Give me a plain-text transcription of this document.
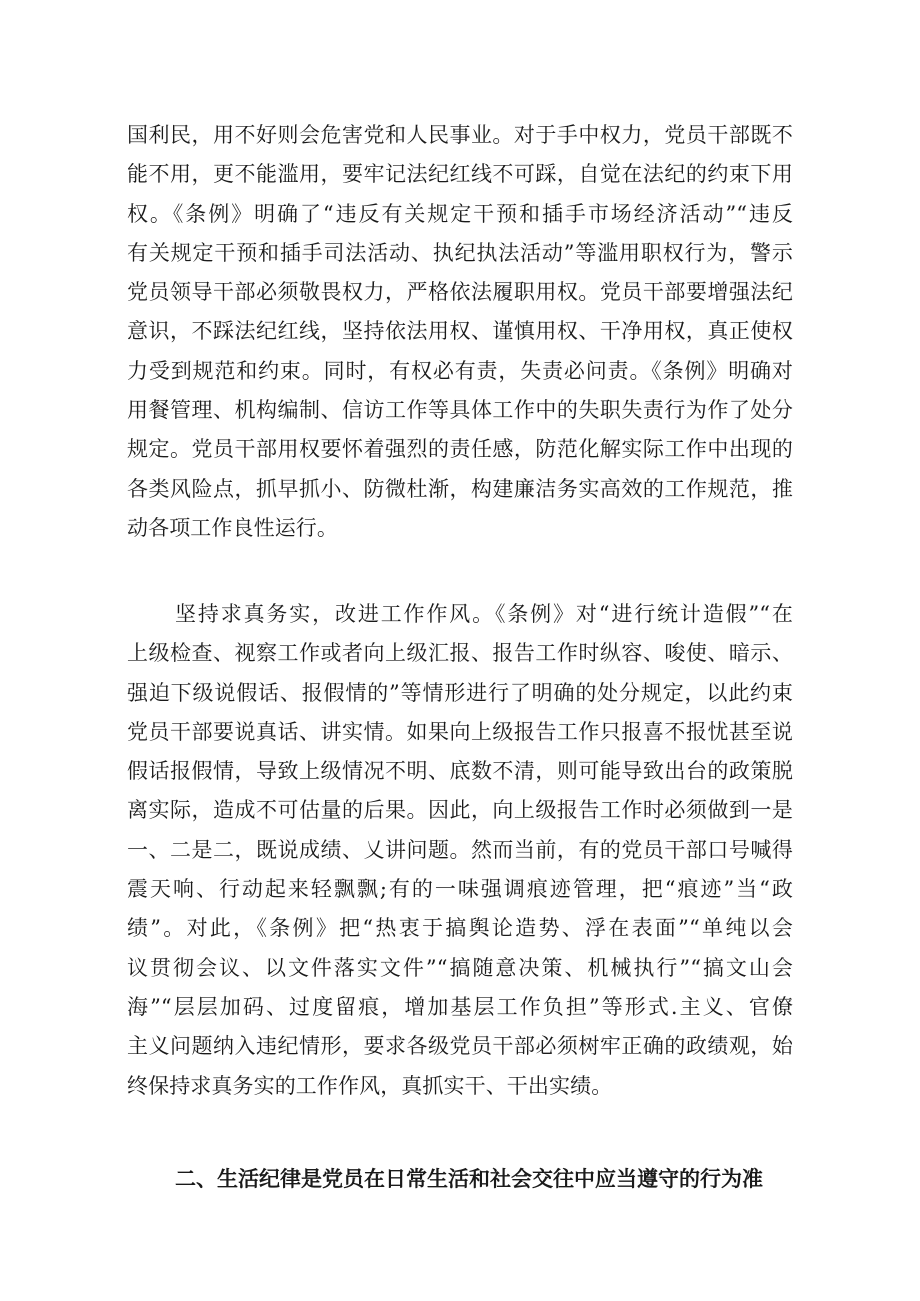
国利民，用不好则会危害党和人民事业。对于手中权力，党员干部既不
能不用，更不能滥用，要牢记法纪红线不可踩，自觉在法纪的约束下用
权。《条例》明确了“违反有关规定干预和插手市场经济活动”“违反
有关规定干预和插手司法活动、执纪执法活动”等滥用职权行为，警示
党员领导干部必须敬畏权力，严格依法履职用权。党员干部要增强法纪
意识，不踩法纪红线，坚持依法用权、谨慎用权、干净用权，真正使权
力受到规范和约束。同时，有权必有责，失责必问责。《条例》明确对
用餐管理、机构编制、信访工作等具体工作中的失职失责行为作了处分
规定。党员干部用权要怀着强烈的责任感，防范化解实际工作中出现的
各类风险点，抓早抓小、防微杜渐，构建廉洁务实高效的工作规范，推
动各项工作良性运行。
坚持求真务实，改进工作作风。《条例》对“进行统计造假”“在
上级检查、视察工作或者向上级汇报、报告工作时纵容、唆使、暗示、
强迫下级说假话、报假情的”等情形进行了明确的处分规定，以此约束
党员干部要说真话、讲实情。如果向上级报告工作只报喜不报忧甚至说
假话报假情，导致上级情况不明、底数不清，则可能导致出台的政策脱
离实际，造成不可估量的后果。因此，向上级报告工作时必须做到一是
一、二是二，既说成绩、乂讲问题。然而当前，有的党员干部口号喊得
震天响、行动起来轻飘飘;有的一味强调痕迹管理，把“痕迹”当“政
绩”。对此，《条例》把“热衷于搞舆论造势、浮在表面”“单纯以会
议贯彻会议、以文件落实文件”“搞随意决策、机械执行”“搞文山会
海”“层层加码、过度留痕，增加基层工作负担”等形式.主义、官僚
主义问题纳入违纪情形，要求各级党员干部必须树牢正确的政绩观，始
终保持求真务实的工作作风，真抓实干、干出实绩。
二、生活纪律是党员在日常生活和社会交往中应当遵守的行为准
